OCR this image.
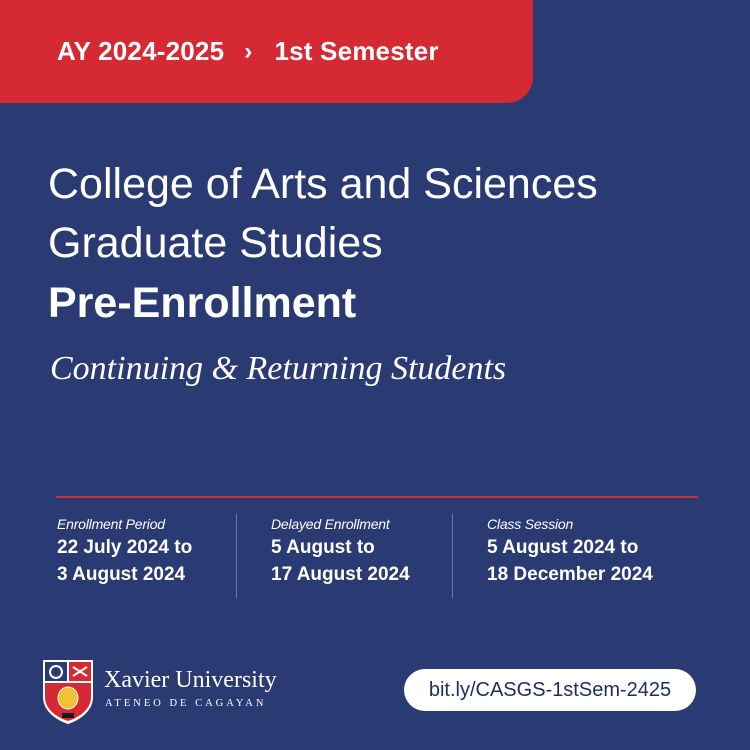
AY 2024-2025 › 1st Semester
College of Arts and Sciences
Graduate Studies
Pre-Enrollment
Continuing & Returning Students
Enrollment Period
22 July 2024 to
3 August 2024
Delayed Enrollment
5 August to
17 August 2024
Class Session
5 August 2024 to
18 December 2024
Xavier University
ATENEO DE CAGAYAN
bit.ly/CASGS-1stSem-2425
